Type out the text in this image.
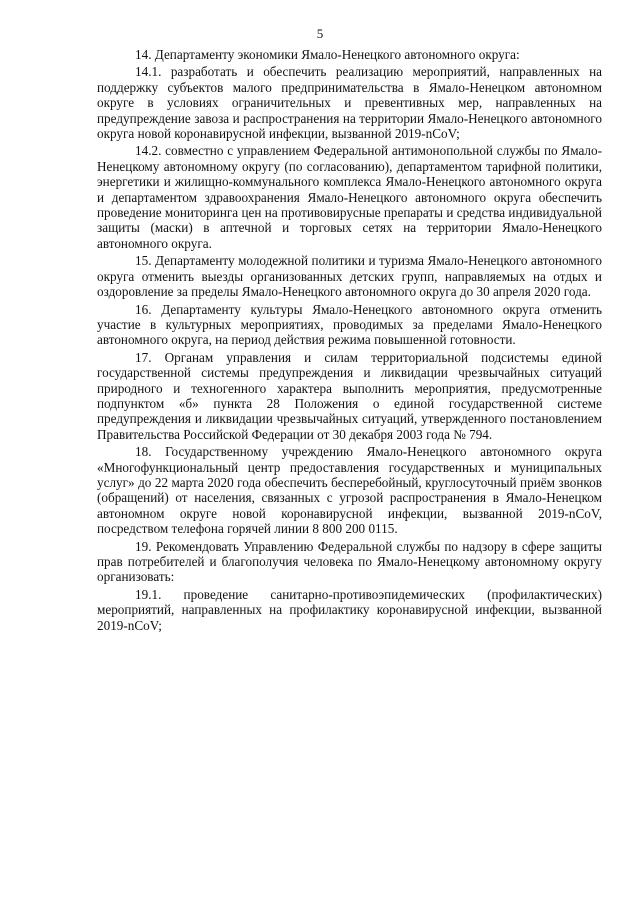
5

14. Департаменту экономики Ямало-Ненецкого автономного округа:

14.1. разработать и обеспечить реализацию мероприятий, направленных на поддержку субъектов малого предпринимательства в Ямало-Ненецком автономном округе в условиях ограничительных и превентивных мер, направленных на предупреждение завоза и распространения на территории Ямало-Ненецкого автономного округа новой коронавирусной инфекции, вызванной 2019-nCoV;

14.2. совместно с управлением Федеральной антимонопольной службы по Ямало-Ненецкому автономному округу (по согласованию), департаментом тарифной политики, энергетики и жилищно-коммунального комплекса Ямало-Ненецкого автономного округа и департаментом здравоохранения Ямало-Ненецкого автономного округа обеспечить проведение мониторинга цен на противовирусные препараты и средства индивидуальной защиты (маски) в аптечной и торговых сетях на территории Ямало-Ненецкого автономного округа.

15. Департаменту молодежной политики и туризма Ямало-Ненецкого автономного округа отменить выезды организованных детских групп, направляемых на отдых и оздоровление за пределы Ямало-Ненецкого автономного округа до 30 апреля 2020 года.

16. Департаменту культуры Ямало-Ненецкого автономного округа отменить участие в культурных мероприятиях, проводимых за пределами Ямало-Ненецкого автономного округа, на период действия режима повышенной готовности.

17. Органам управления и силам территориальной подсистемы единой государственной системы предупреждения и ликвидации чрезвычайных ситуаций природного и техногенного характера выполнить мероприятия, предусмотренные подпунктом «б» пункта 28 Положения о единой государственной системе предупреждения и ликвидации чрезвычайных ситуаций, утвержденного постановлением Правительства Российской Федерации от 30 декабря 2003 года № 794.

18. Государственному учреждению Ямало-Ненецкого автономного округа «Многофункциональный центр предоставления государственных и муниципальных услуг» до 22 марта 2020 года обеспечить бесперебойный, круглосуточный приём звонков (обращений) от населения, связанных с угрозой распространения в Ямало-Ненецком автономном округе новой коронавирусной инфекции, вызванной 2019-nCoV, посредством телефона горячей линии 8 800 200 0115.

19. Рекомендовать Управлению Федеральной службы по надзору в сфере защиты прав потребителей и благополучия человека по Ямало-Ненецкому автономному округу организовать:

19.1. проведение санитарно-противоэпидемических (профилактических) мероприятий, направленных на профилактику коронавирусной инфекции, вызванной 2019-nCoV;
